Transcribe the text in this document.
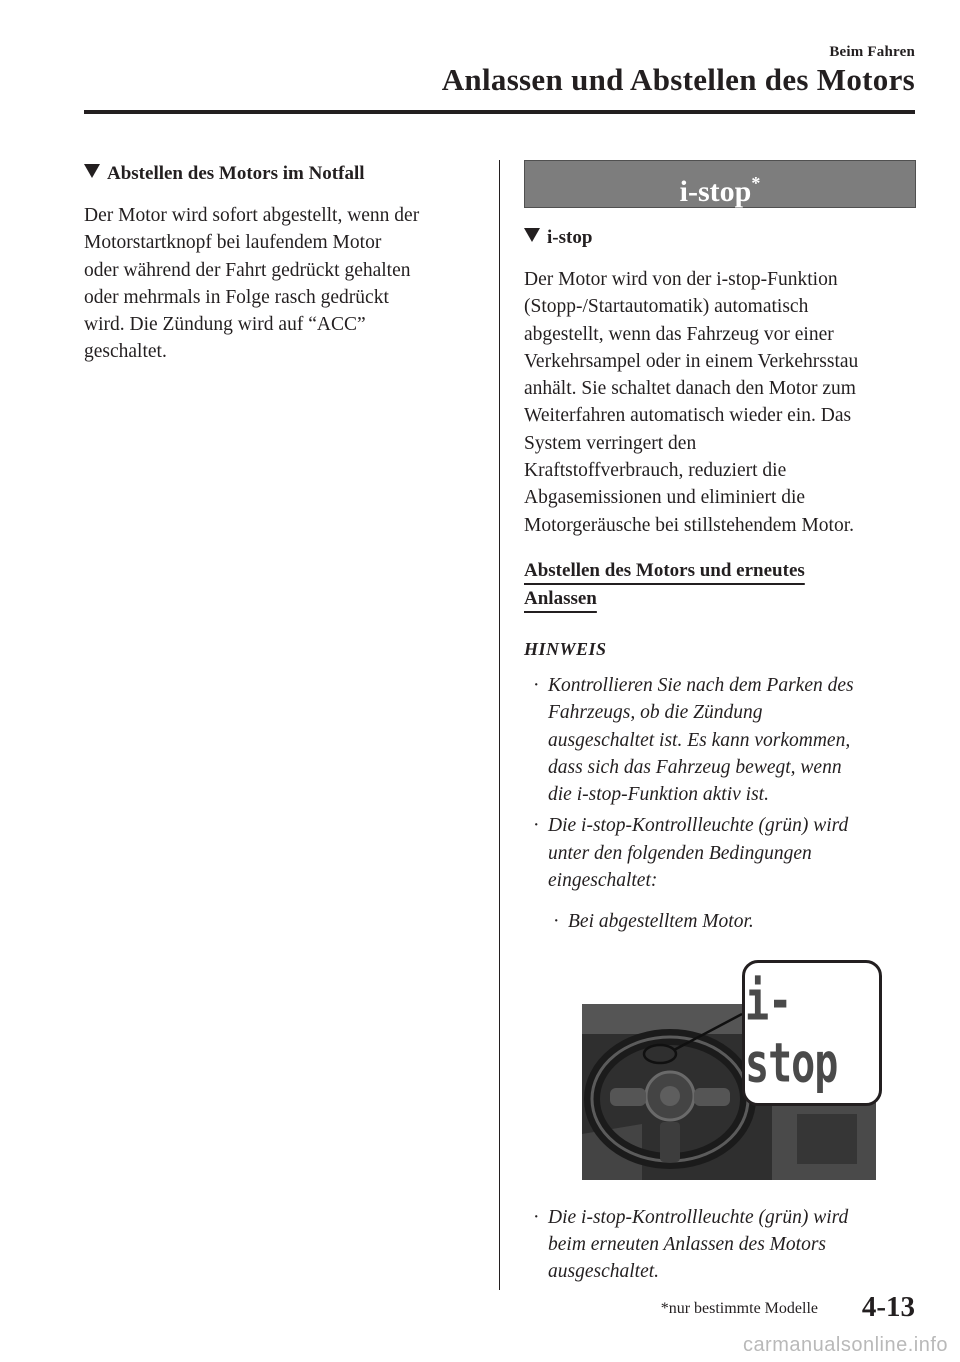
Beim Fahren
Anlassen und Abstellen des Motors
Abstellen des Motors im Notfall

Der Motor wird sofort abgestellt, wenn der
Motorstartknopf bei laufendem Motor
oder während der Fahrt gedrückt gehalten
oder mehrmals in Folge rasch gedrückt
wird. Die Zündung wird auf “ACC”
geschaltet.

i-stop*
i-stop

Der Motor wird von der i-stop-Funktion
(Stopp-/Startautomatik) automatisch
abgestellt, wenn das Fahrzeug vor einer
Verkehrsampel oder in einem Verkehrsstau
anhält. Sie schaltet danach den Motor zum
Weiterfahren automatisch wieder ein. Das
System verringert den
Kraftstoffverbrauch, reduziert die
Abgasemissionen und eliminiert die
Motorgeräusche bei stillstehendem Motor.

Abstellen des Motors und erneutes
Anlassen
HINWEIS
· Kontrollieren Sie nach dem Parken des
Fahrzeugs, ob die Zündung
ausgeschaltet ist. Es kann vorkommen,
dass sich das Fahrzeug bewegt, wenn
die i-stop-Funktion aktiv ist.
· Die i-stop-Kontrollleuchte (grün) wird
unter den folgenden Bedingungen
eingeschaltet:
· Bei abgestelltem Motor.
i-stop
· Die i-stop-Kontrollleuchte (grün) wird
beim erneuten Anlassen des Motors
ausgeschaltet.
*nur bestimmte Modelle 4-13
carmanualsonline.info
